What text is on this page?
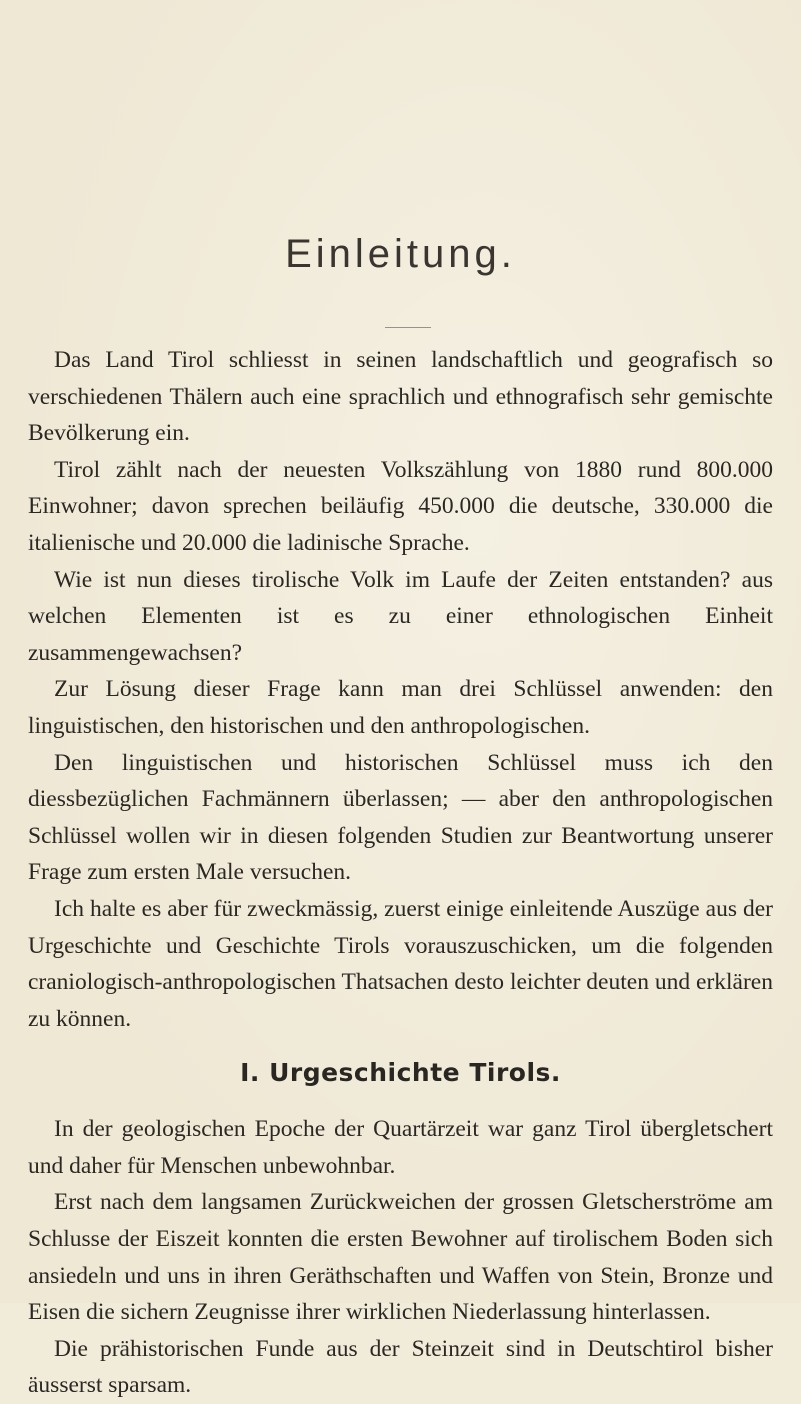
Einleitung.

Das Land Tirol schliesst in seinen landschaftlich und geografisch so verschiedenen Thälern auch eine sprachlich und ethnografisch sehr gemischte Bevölkerung ein.

Tirol zählt nach der neuesten Volkszählung von 1880 rund 800.000 Einwohner; davon sprechen beiläufig 450.000 die deutsche, 330.000 die italienische und 20.000 die ladinische Sprache.

Wie ist nun dieses tirolische Volk im Laufe der Zeiten entstanden? aus welchen Elementen ist es zu einer ethnologischen Einheit zusammengewachsen?

Zur Lösung dieser Frage kann man drei Schlüssel anwenden: den linguistischen, den historischen und den anthropologischen.

Den linguistischen und historischen Schlüssel muss ich den diessbezüglichen Fachmännern überlassen; — aber den anthropologischen Schlüssel wollen wir in diesen folgenden Studien zur Beantwortung unserer Frage zum ersten Male versuchen.

Ich halte es aber für zweckmässig, zuerst einige einleitende Auszüge aus der Urgeschichte und Geschichte Tirols vorauszuschicken, um die folgenden craniologisch-anthropologischen Thatsachen desto leichter deuten und erklären zu können.

I. Urgeschichte Tirols.

In der geologischen Epoche der Quartärzeit war ganz Tirol übergletschert und daher für Menschen unbewohnbar.

Erst nach dem langsamen Zurückweichen der grossen Gletscherströme am Schlusse der Eiszeit konnten die ersten Bewohner auf tirolischem Boden sich ansiedeln und uns in ihren Geräthschaften und Waffen von Stein, Bronze und Eisen die sichern Zeugnisse ihrer wirklichen Niederlassung hinterlassen.

Die prähistorischen Funde aus der Steinzeit sind in Deutschtirol bisher äusserst sparsam.
